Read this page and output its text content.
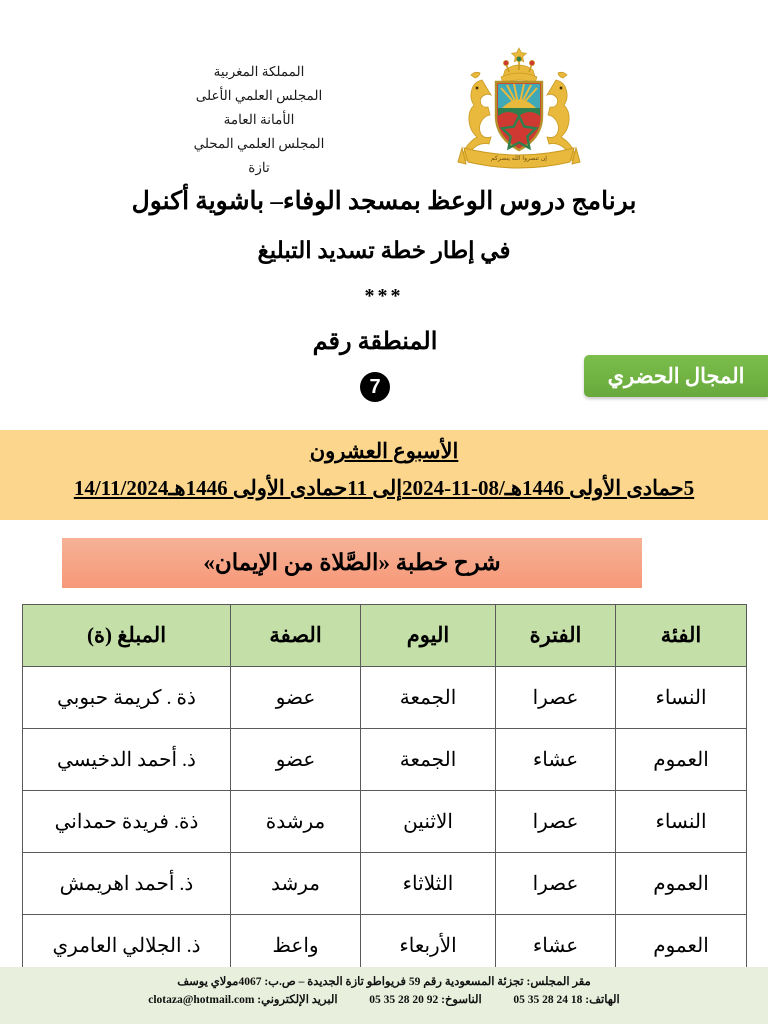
المملكة المغربية
المجلس العلمي الأعلى
الأمانة العامة
المجلس العلمي المحلي
تازة
إن تنصروا الله ينصركم
برنامج دروس الوعظ بمسجد الوفاء– باشوية أكنول
في إطار خطة تسديد التبليغ
***
المنطقة رقم
7	المجال الحضري
الأسبوع العشرون
5حمادى الأولى 1446هـ/08-11-2024إلى 11حمادى الأولى 1446هـ14/11/2024
شرح خطبة «الصَّلاة من الإيمان»
الفئة	الفترة	اليوم	الصفة	المبلغ (ة)
النساء	عصرا	الجمعة	عضو	ذة . كريمة حبوبي
العموم	عشاء	الجمعة	عضو	ذ. أحمد الدخيسي
النساء	عصرا	الاثنين	مرشدة	ذة. فريدة حمداني
العموم	عصرا	الثلاثاء	مرشد	ذ. أحمد اهريمش
العموم	عشاء	الأربعاء	واعظ	ذ. الجلالي العامري
مقر المجلس: تجزئة المسعودية رقم 59 فريواطو تازة الجديدة – ص.ب: 4067مولاي يوسف
الهاتف: 05 35 28 24 18  الناسوخ: 05 35 28 20 92  البريد الإلكتروني: clotaza@hotmail.com
